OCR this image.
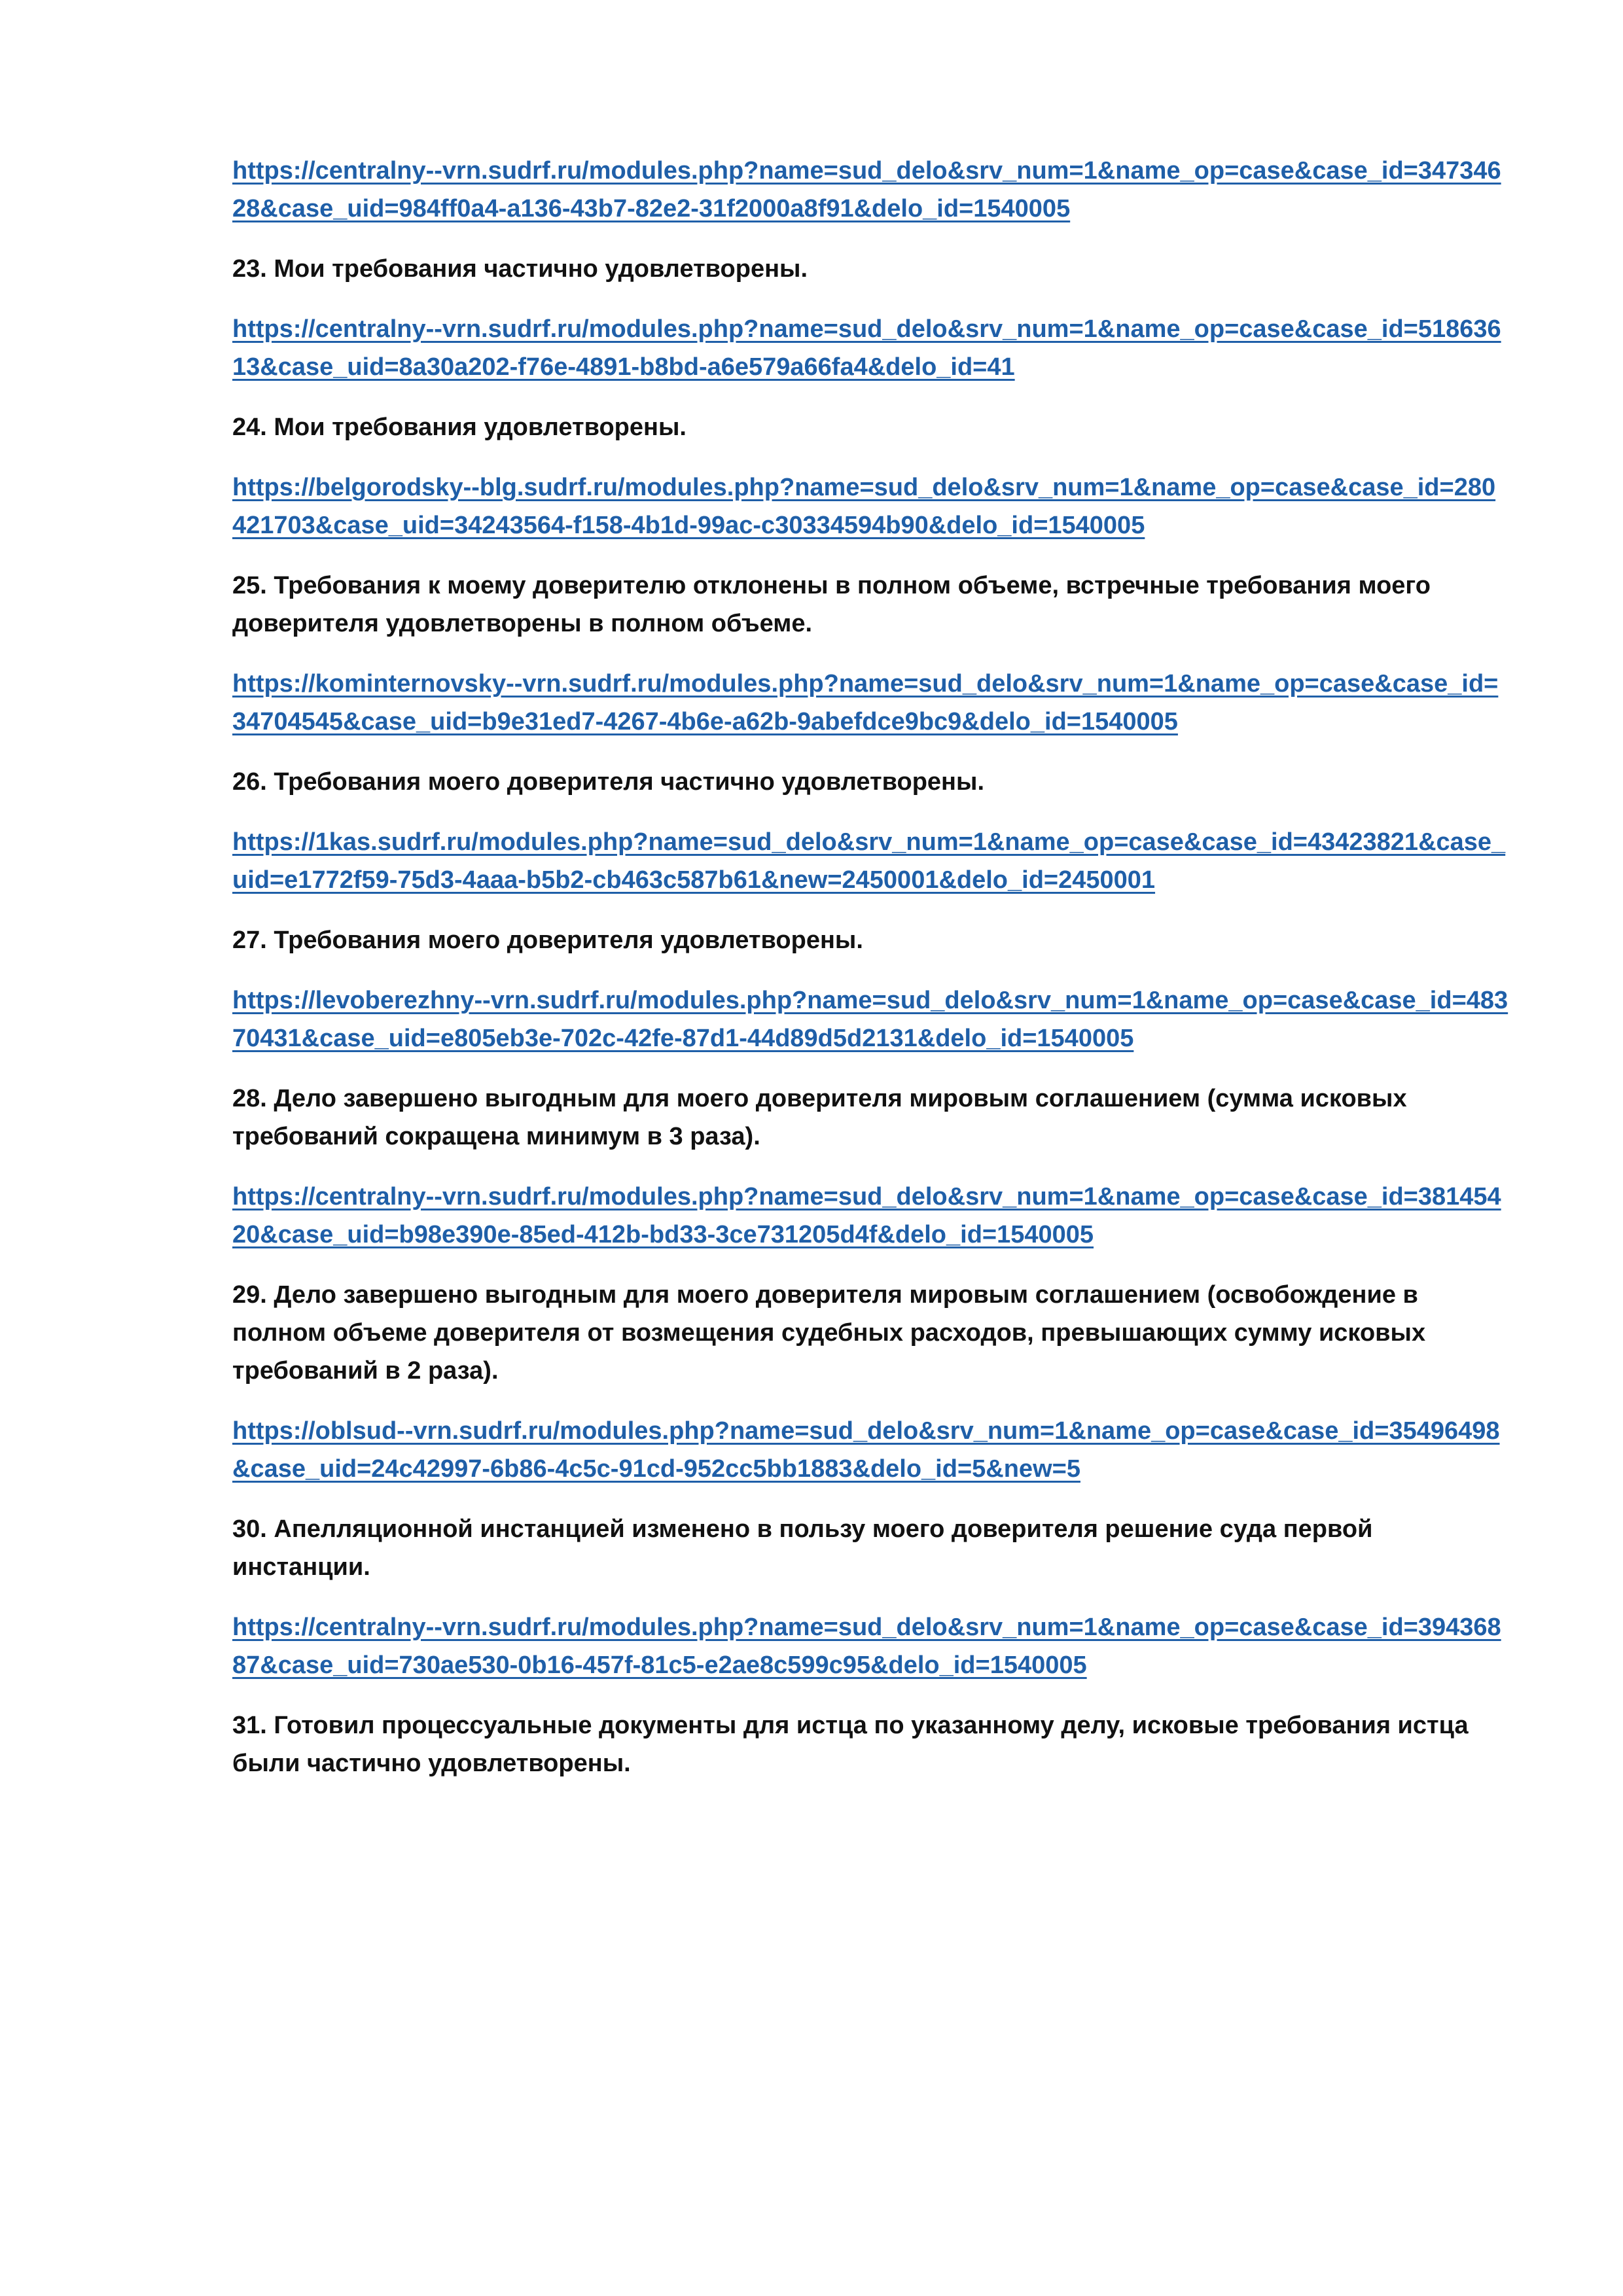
https://centralny--vrn.sudrf.ru/modules.php?name=sud_delo&srv_num=1&name_op=case&case_id=34734628&case_uid=984ff0a4-a136-43b7-82e2-31f2000a8f91&delo_id=1540005
23. Мои требования частично удовлетворены.
https://centralny--vrn.sudrf.ru/modules.php?name=sud_delo&srv_num=1&name_op=case&case_id=51863613&case_uid=8a30a202-f76e-4891-b8bd-a6e579a66fa4&delo_id=41
24. Мои требования удовлетворены.
https://belgorodsky--blg.sudrf.ru/modules.php?name=sud_delo&srv_num=1&name_op=case&case_id=280421703&case_uid=34243564-f158-4b1d-99ac-c30334594b90&delo_id=1540005
25. Требования к моему доверителю отклонены в полном объеме, встречные требования моего доверителя удовлетворены в полном объеме.
https://kominternovsky--vrn.sudrf.ru/modules.php?name=sud_delo&srv_num=1&name_op=case&case_id=34704545&case_uid=b9e31ed7-4267-4b6e-a62b-9abefdce9bc9&delo_id=1540005
26. Требования моего доверителя частично удовлетворены.
https://1kas.sudrf.ru/modules.php?name=sud_delo&srv_num=1&name_op=case&case_id=43423821&case_uid=e1772f59-75d3-4aaa-b5b2-cb463c587b61&new=2450001&delo_id=2450001
27. Требования моего доверителя удовлетворены.
https://levoberezhny--vrn.sudrf.ru/modules.php?name=sud_delo&srv_num=1&name_op=case&case_id=48370431&case_uid=e805eb3e-702c-42fe-87d1-44d89d5d2131&delo_id=1540005
28. Дело завершено выгодным для моего доверителя мировым соглашением (сумма исковых требований сокращена минимум в 3 раза).
https://centralny--vrn.sudrf.ru/modules.php?name=sud_delo&srv_num=1&name_op=case&case_id=38145420&case_uid=b98e390e-85ed-412b-bd33-3ce731205d4f&delo_id=1540005
29. Дело завершено выгодным для моего доверителя мировым соглашением (освобождение в полном объеме доверителя от возмещения судебных расходов, превышающих сумму исковых требований в 2 раза).
https://oblsud--vrn.sudrf.ru/modules.php?name=sud_delo&srv_num=1&name_op=case&case_id=35496498&case_uid=24c42997-6b86-4c5c-91cd-952cc5bb1883&delo_id=5&new=5
30. Апелляционной инстанцией изменено в пользу моего доверителя решение суда первой инстанции.
https://centralny--vrn.sudrf.ru/modules.php?name=sud_delo&srv_num=1&name_op=case&case_id=39436887&case_uid=730ae530-0b16-457f-81c5-e2ae8c599c95&delo_id=1540005
31. Готовил процессуальные документы для истца по указанному делу, исковые требования истца были частично удовлетворены.
